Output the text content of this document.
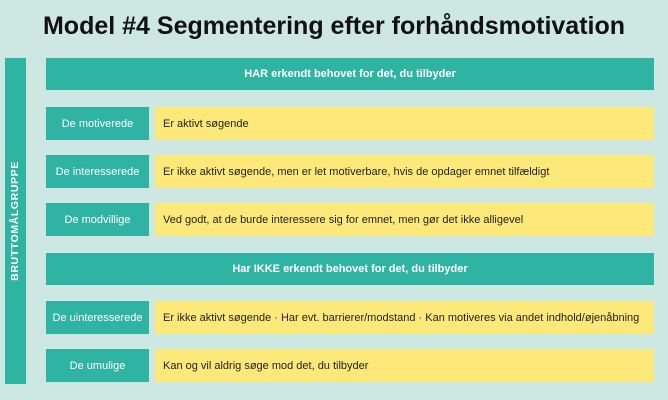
Model #4 Segmentering efter forhåndsmotivation
BRUTTOMÅLGRUPPE
HAR erkendt behovet for det, du tilbyder
De motiverede	Er aktivt søgende
De interesserede	Er ikke aktivt søgende, men er let motiverbare, hvis de opdager emnet tilfældigt
De modvillige	Ved godt, at de burde interessere sig for emnet, men gør det ikke alligevel
Har IKKE erkendt behovet for det, du tilbyder
De uinteresserede	Er ikke aktivt søgende · Har evt. barrierer/modstand · Kan motiveres via andet indhold/øjenåbning
De umulige	Kan og vil aldrig søge mod det, du tilbyder
